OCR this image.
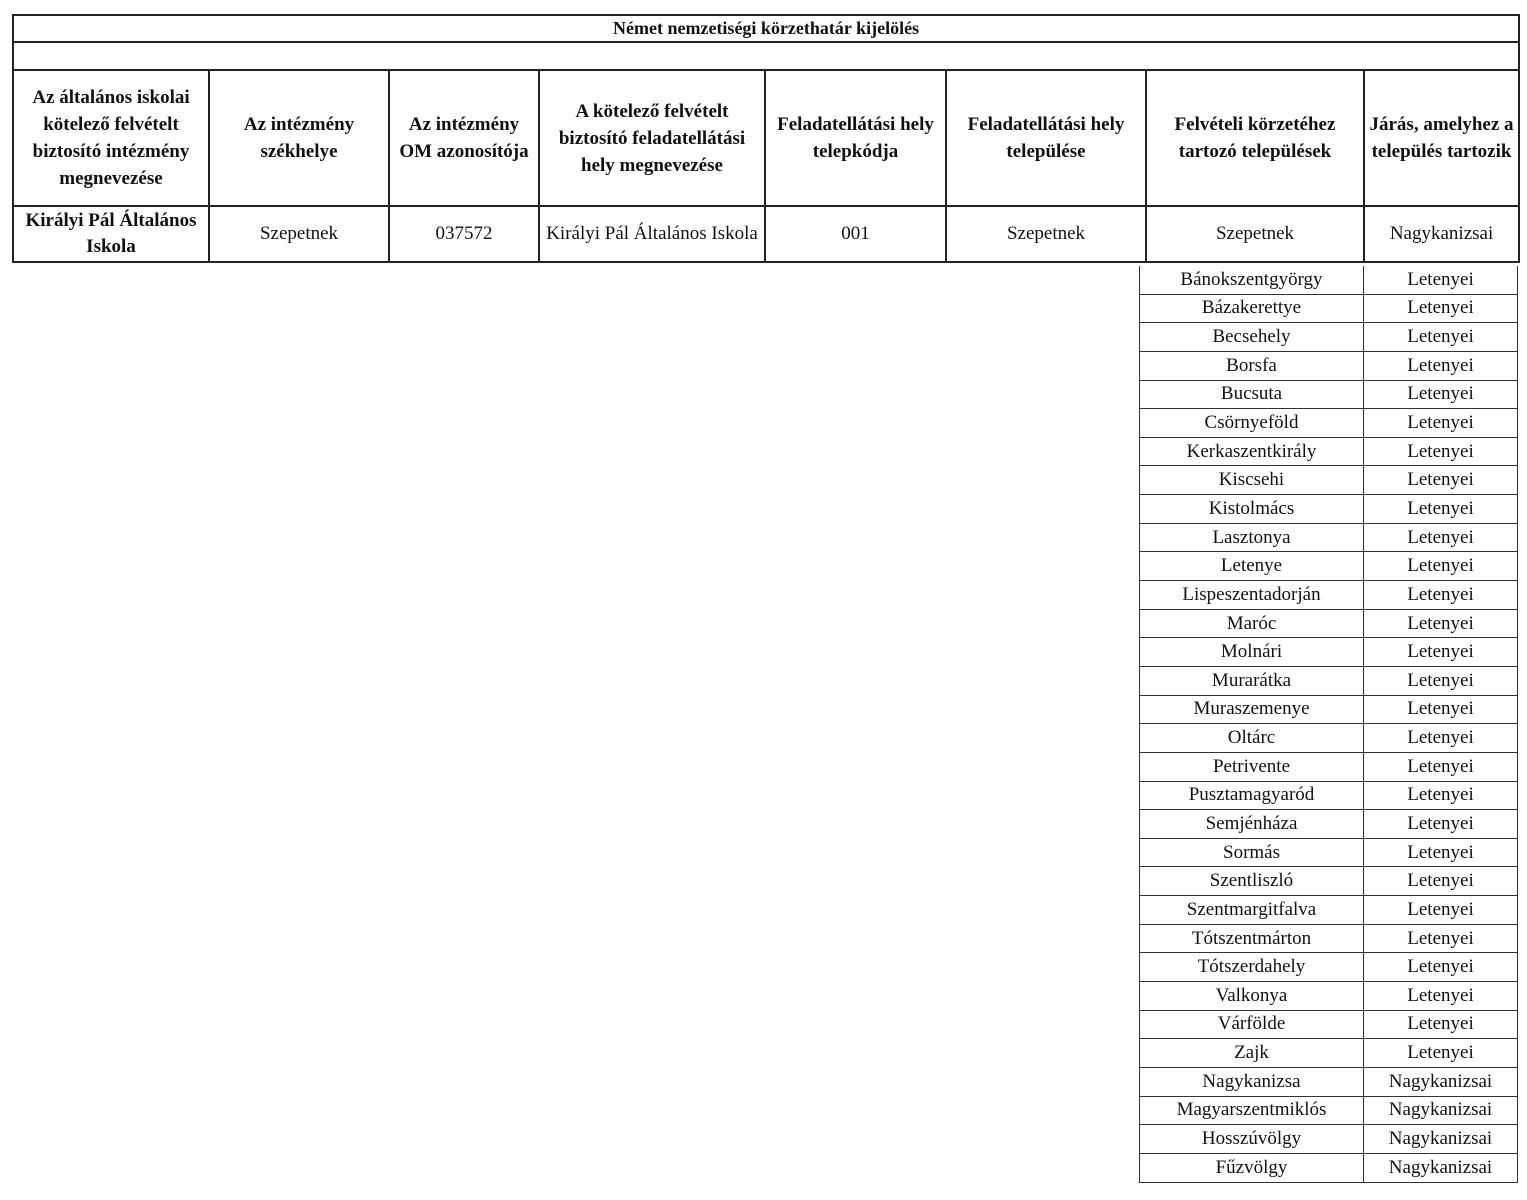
Német nemzetiségi körzethatár kijelölés							

Az általános iskolai kötelező felvételt biztosító intézmény megnevezése	Az intézmény székhelye	Az intézmény OM azonosítója	A kötelező felvételt biztosító feladatellátási hely megnevezése	Feladatellátási hely telepkódja	Feladatellátási hely települése	Felvételi körzetéhez tartozó települések	Járás, amelyhez a település tartozik
Királyi Pál Általános Iskola	Szepetnek	037572	Királyi Pál Általános Iskola	001	Szepetnek	Szepetnek	Nagykanizsai
Bánokszentgyörgy	Letenyei
Bázakerettye	Letenyei
Becsehely	Letenyei
Borsfa	Letenyei
Bucsuta	Letenyei
Csörnyeföld	Letenyei
Kerkaszentkirály	Letenyei
Kiscsehi	Letenyei
Kistolmács	Letenyei
Lasztonya	Letenyei
Letenye	Letenyei
Lispeszentadorján	Letenyei
Maróc	Letenyei
Molnári	Letenyei
Murarátka	Letenyei
Muraszemenye	Letenyei
Oltárc	Letenyei
Petrivente	Letenyei
Pusztamagyaród	Letenyei
Semjénháza	Letenyei
Sormás	Letenyei
Szentliszló	Letenyei
Szentmargitfalva	Letenyei
Tótszentmárton	Letenyei
Tótszerdahely	Letenyei
Valkonya	Letenyei
Várfölde	Letenyei
Zajk	Letenyei
Nagykanizsa	Nagykanizsai
Magyarszentmiklós	Nagykanizsai
Hosszúvölgy	Nagykanizsai
Fűzvölgy	Nagykanizsai
